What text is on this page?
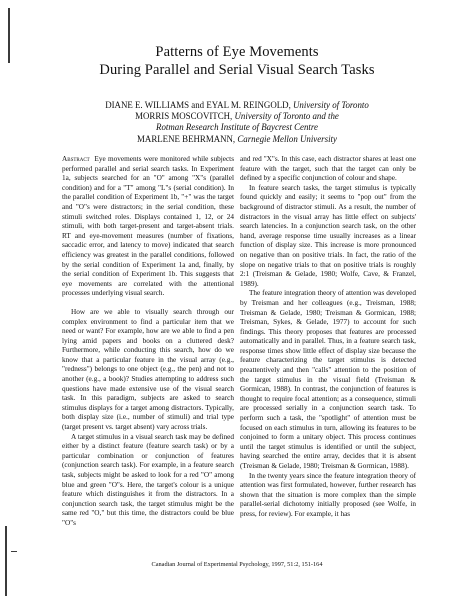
Patterns of Eye Movements
During Parallel and Serial Visual Search Tasks
DIANE E. WILLIAMS and EYAL M. REINGOLD, University of Toronto
MORRIS MOSCOVITCH, University of Toronto and the
Rotman Research Institute of Baycrest Centre
MARLENE BEHRMANN, Carnegie Mellon University

Abstract Eye movements were monitored while subjects performed parallel and serial search tasks. In Experiment 1a, subjects searched for an "O" among "X"s (parallel condition) and for a "T" among "L"s (serial condition). In the parallel condition of Experiment 1b, "+" was the target and "O"s were distractors; in the serial condition, these stimuli switched roles. Displays contained 1, 12, or 24 stimuli, with both target-present and target-absent trials. RT and eye-movement measures (number of fixations, saccadic error, and latency to move) indicated that search efficiency was greatest in the parallel conditions, followed by the serial condition of Experiment 1a and, finally, by the serial condition of Experiment 1b. This suggests that eye movements are correlated with the attentional processes underlying visual search.

How are we able to visually search through our complex environment to find a particular item that we need or want? For example, how are we able to find a pen lying amid papers and books on a cluttered desk? Furthermore, while conducting this search, how do we know that a particular feature in the visual array (e.g., "redness") belongs to one object (e.g., the pen) and not to another (e.g., a book)? Studies attempting to address such questions have made extensive use of the visual search task. In this paradigm, subjects are asked to search stimulus displays for a target among distractors. Typically, both display size (i.e., number of stimuli) and trial type (target present vs. target absent) vary across trials.

A target stimulus in a visual search task may be defined either by a distinct feature (feature search task) or by a particular combination or conjunction of features (conjunction search task). For example, in a feature search task, subjects might be asked to look for a red "O" among blue and green "O"s. Here, the target's colour is a unique feature which distinguishes it from the distractors. In a conjunction search task, the target stimulus might be the same red "O," but this time, the distractors could be blue "O"s

and red "X"s. In this case, each distractor shares at least one feature with the target, such that the target can only be defined by a specific conjunction of colour and shape.

In feature search tasks, the target stimulus is typically found quickly and easily; it seems to "pop out" from the background of distractor stimuli. As a result, the number of distractors in the visual array has little effect on subjects' search latencies. In a conjunction search task, on the other hand, average response time usually increases as a linear function of display size. This increase is more pronounced on negative than on positive trials. In fact, the ratio of the slope on negative trials to that on positive trials is roughly 2:1 (Treisman & Gelade, 1980; Wolfe, Cave, & Franzel, 1989).

The feature integration theory of attention was developed by Treisman and her colleagues (e.g., Treisman, 1988; Treisman & Gelade, 1980; Treisman & Gormican, 1988; Treisman, Sykes, & Gelade, 1977) to account for such findings. This theory proposes that features are processed automatically and in parallel. Thus, in a feature search task, response times show little effect of display size because the feature characterizing the target stimulus is detected preattentively and then "calls" attention to the position of the target stimulus in the visual field (Treisman & Gormican, 1988). In contrast, the conjunction of features is thought to require focal attention; as a consequence, stimuli are processed serially in a conjunction search task. To perform such a task, the "spotlight" of attention must be focused on each stimulus in turn, allowing its features to be conjoined to form a unitary object. This process continues until the target stimulus is identified or until the subject, having searched the entire array, decides that it is absent (Treisman & Gelade, 1980; Treisman & Gormican, 1988).

In the twenty years since the feature integration theory of attention was first formulated, however, further research has shown that the situation is more complex than the simple parallel-serial dichotomy initially proposed (see Wolfe, in press, for review). For example, it has

Canadian Journal of Experimental Psychology, 1997, 51:2, 151-164
